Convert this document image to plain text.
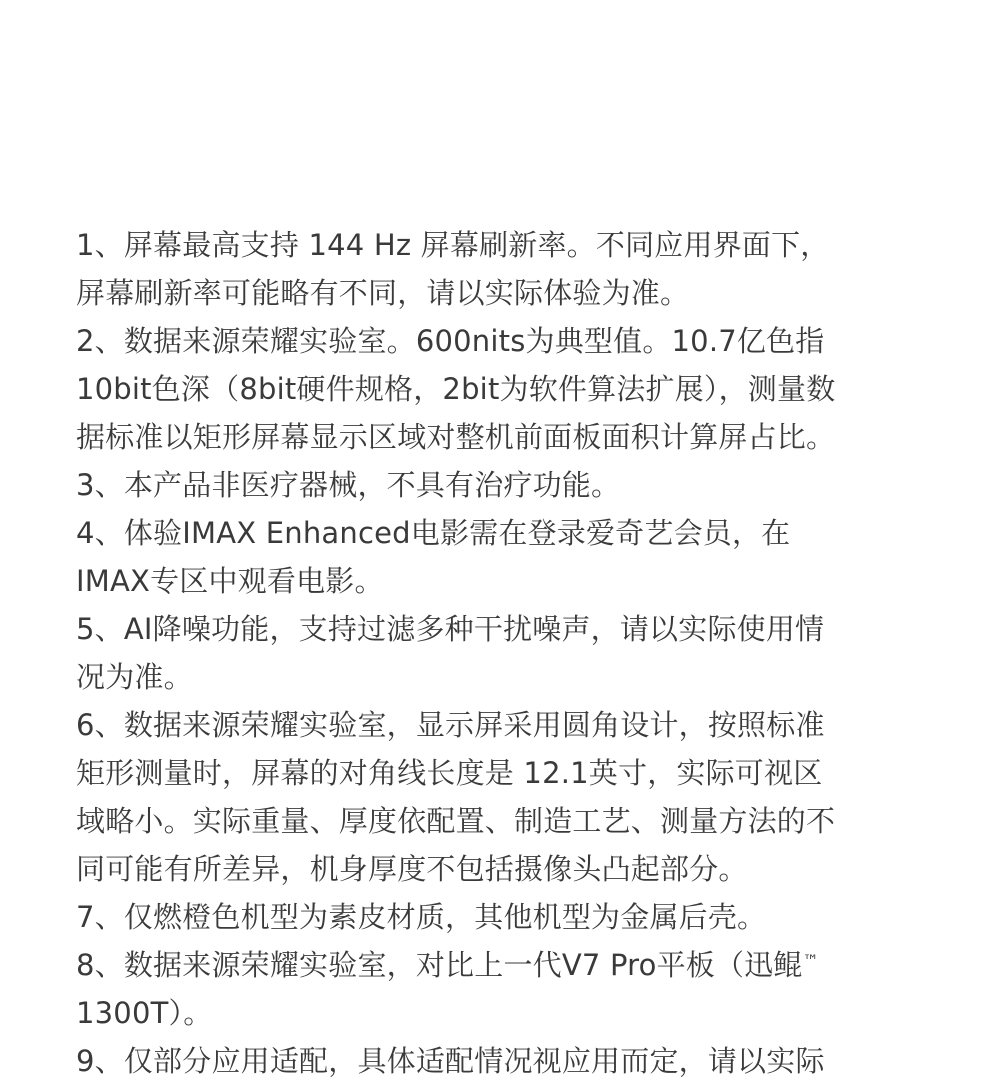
1、屏幕最高支持 144 Hz 屏幕刷新率。不同应用界面下，
屏幕刷新率可能略有不同，请以实际体验为准。
2、数据来源荣耀实验室。600nits为典型值。10.7亿色指
10bit色深（8bit硬件规格，2bit为软件算法扩展），测量数
据标准以矩形屏幕显示区域对整机前面板面积计算屏占比。
3、本产品非医疗器械，不具有治疗功能。
4、体验IMAX Enhanced电影需在登录爱奇艺会员，在
IMAX专区中观看电影。
5、AI降噪功能，支持过滤多种干扰噪声，请以实际使用情
况为准。
6、数据来源荣耀实验室，显示屏采用圆角设计，按照标准
矩形测量时，屏幕的对角线长度是 12.1英寸，实际可视区
域略小。实际重量、厚度依配置、制造工艺、测量方法的不
同可能有所差异，机身厚度不包括摄像头凸起部分。
7、仅燃橙色机型为素皮材质，其他机型为金属后壳。
8、数据来源荣耀实验室，对比上一代V7 Pro平板（迅鲲™
1300T）。
9、仅部分应用适配，具体适配情况视应用而定，请以实际
